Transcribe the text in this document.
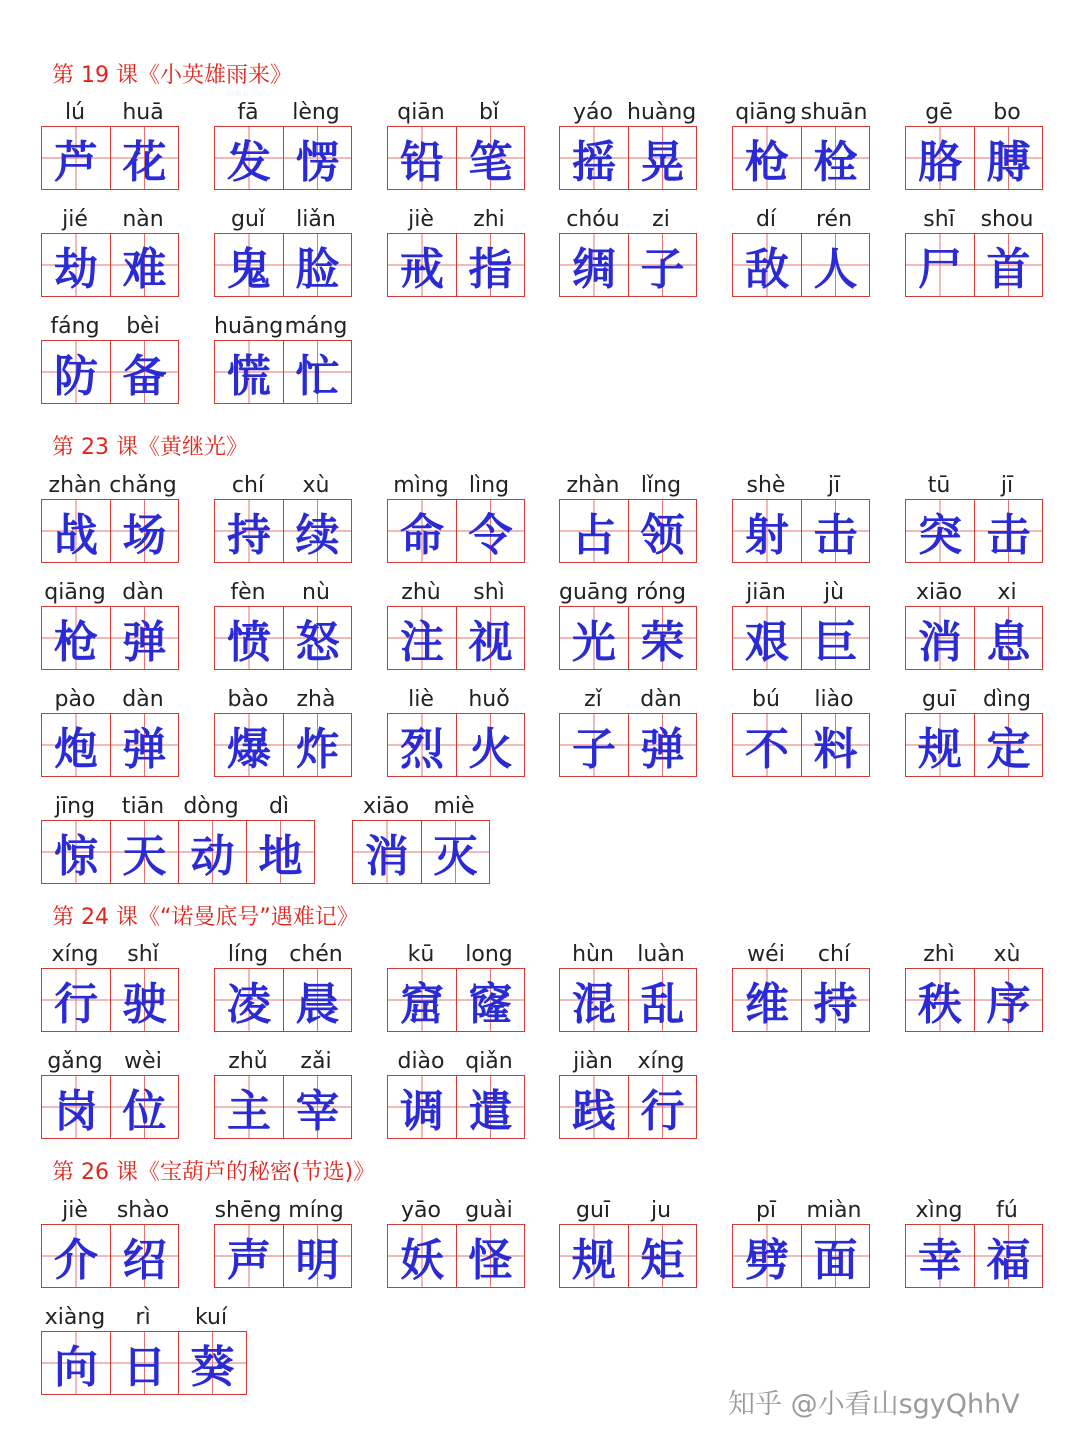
第 19 课《小英雄雨来》
lú	huā
芦 花
fā	lèng
发 愣
qiān	bǐ
铅 笔
yáo huàng
摇 晃
qiāng shuān
枪 栓
gē	bo
胳 膊
jié	nàn
劫 难
guǐ	liǎn
鬼 脸
jiè	zhi
戒 指
chóu	zi
绸 子
dí	rén
敌 人
shī	shou
尸 首
fáng	bèi
防 备
huāng máng
慌 忙
第 23 课《黄继光》
zhàn chǎng
战 场
chí	xù
持 续
mìng lìng
命 令
zhàn lǐng
占 领
shè	jī
射 击
tū	jī
突 击
qiāng dàn
枪 弹
fèn	nù
愤 怒
zhù	shì
注 视
guāng róng
光 荣
jiān	jù
艰 巨
xiāo	xi
消 息
pào	dàn
炮 弹
bào	zhà
爆 炸
liè	huǒ
烈 火
zǐ	dàn
子 弹
bú	liào
不 料
guī	dìng
规 定
jīng	tiān dòng	dì
惊 天 动 地
xiāo	miè
消 灭
第 24 课《“诺曼底号”遇难记》
xíng	shǐ
行 驶
líng chén
凌 晨
kū	long
窟 窿
hùn	luàn
混 乱
wéi	chí
维 持
zhì	xù
秩 序
gǎng wèi
岗 位
zhǔ	zǎi
主 宰
diào qiǎn
调 遣
jiàn	xíng
践 行
第 26 课《宝葫芦的秘密(节选)》
jiè	shào
介 绍
shēng míng
声 明
yāo	guài
妖 怪
guī	ju
规 矩
pī	miàn
劈 面
xìng	fú
幸 福
xiàng	rì	kuí
向 日 葵
知乎 @小看山sgyQhhV
